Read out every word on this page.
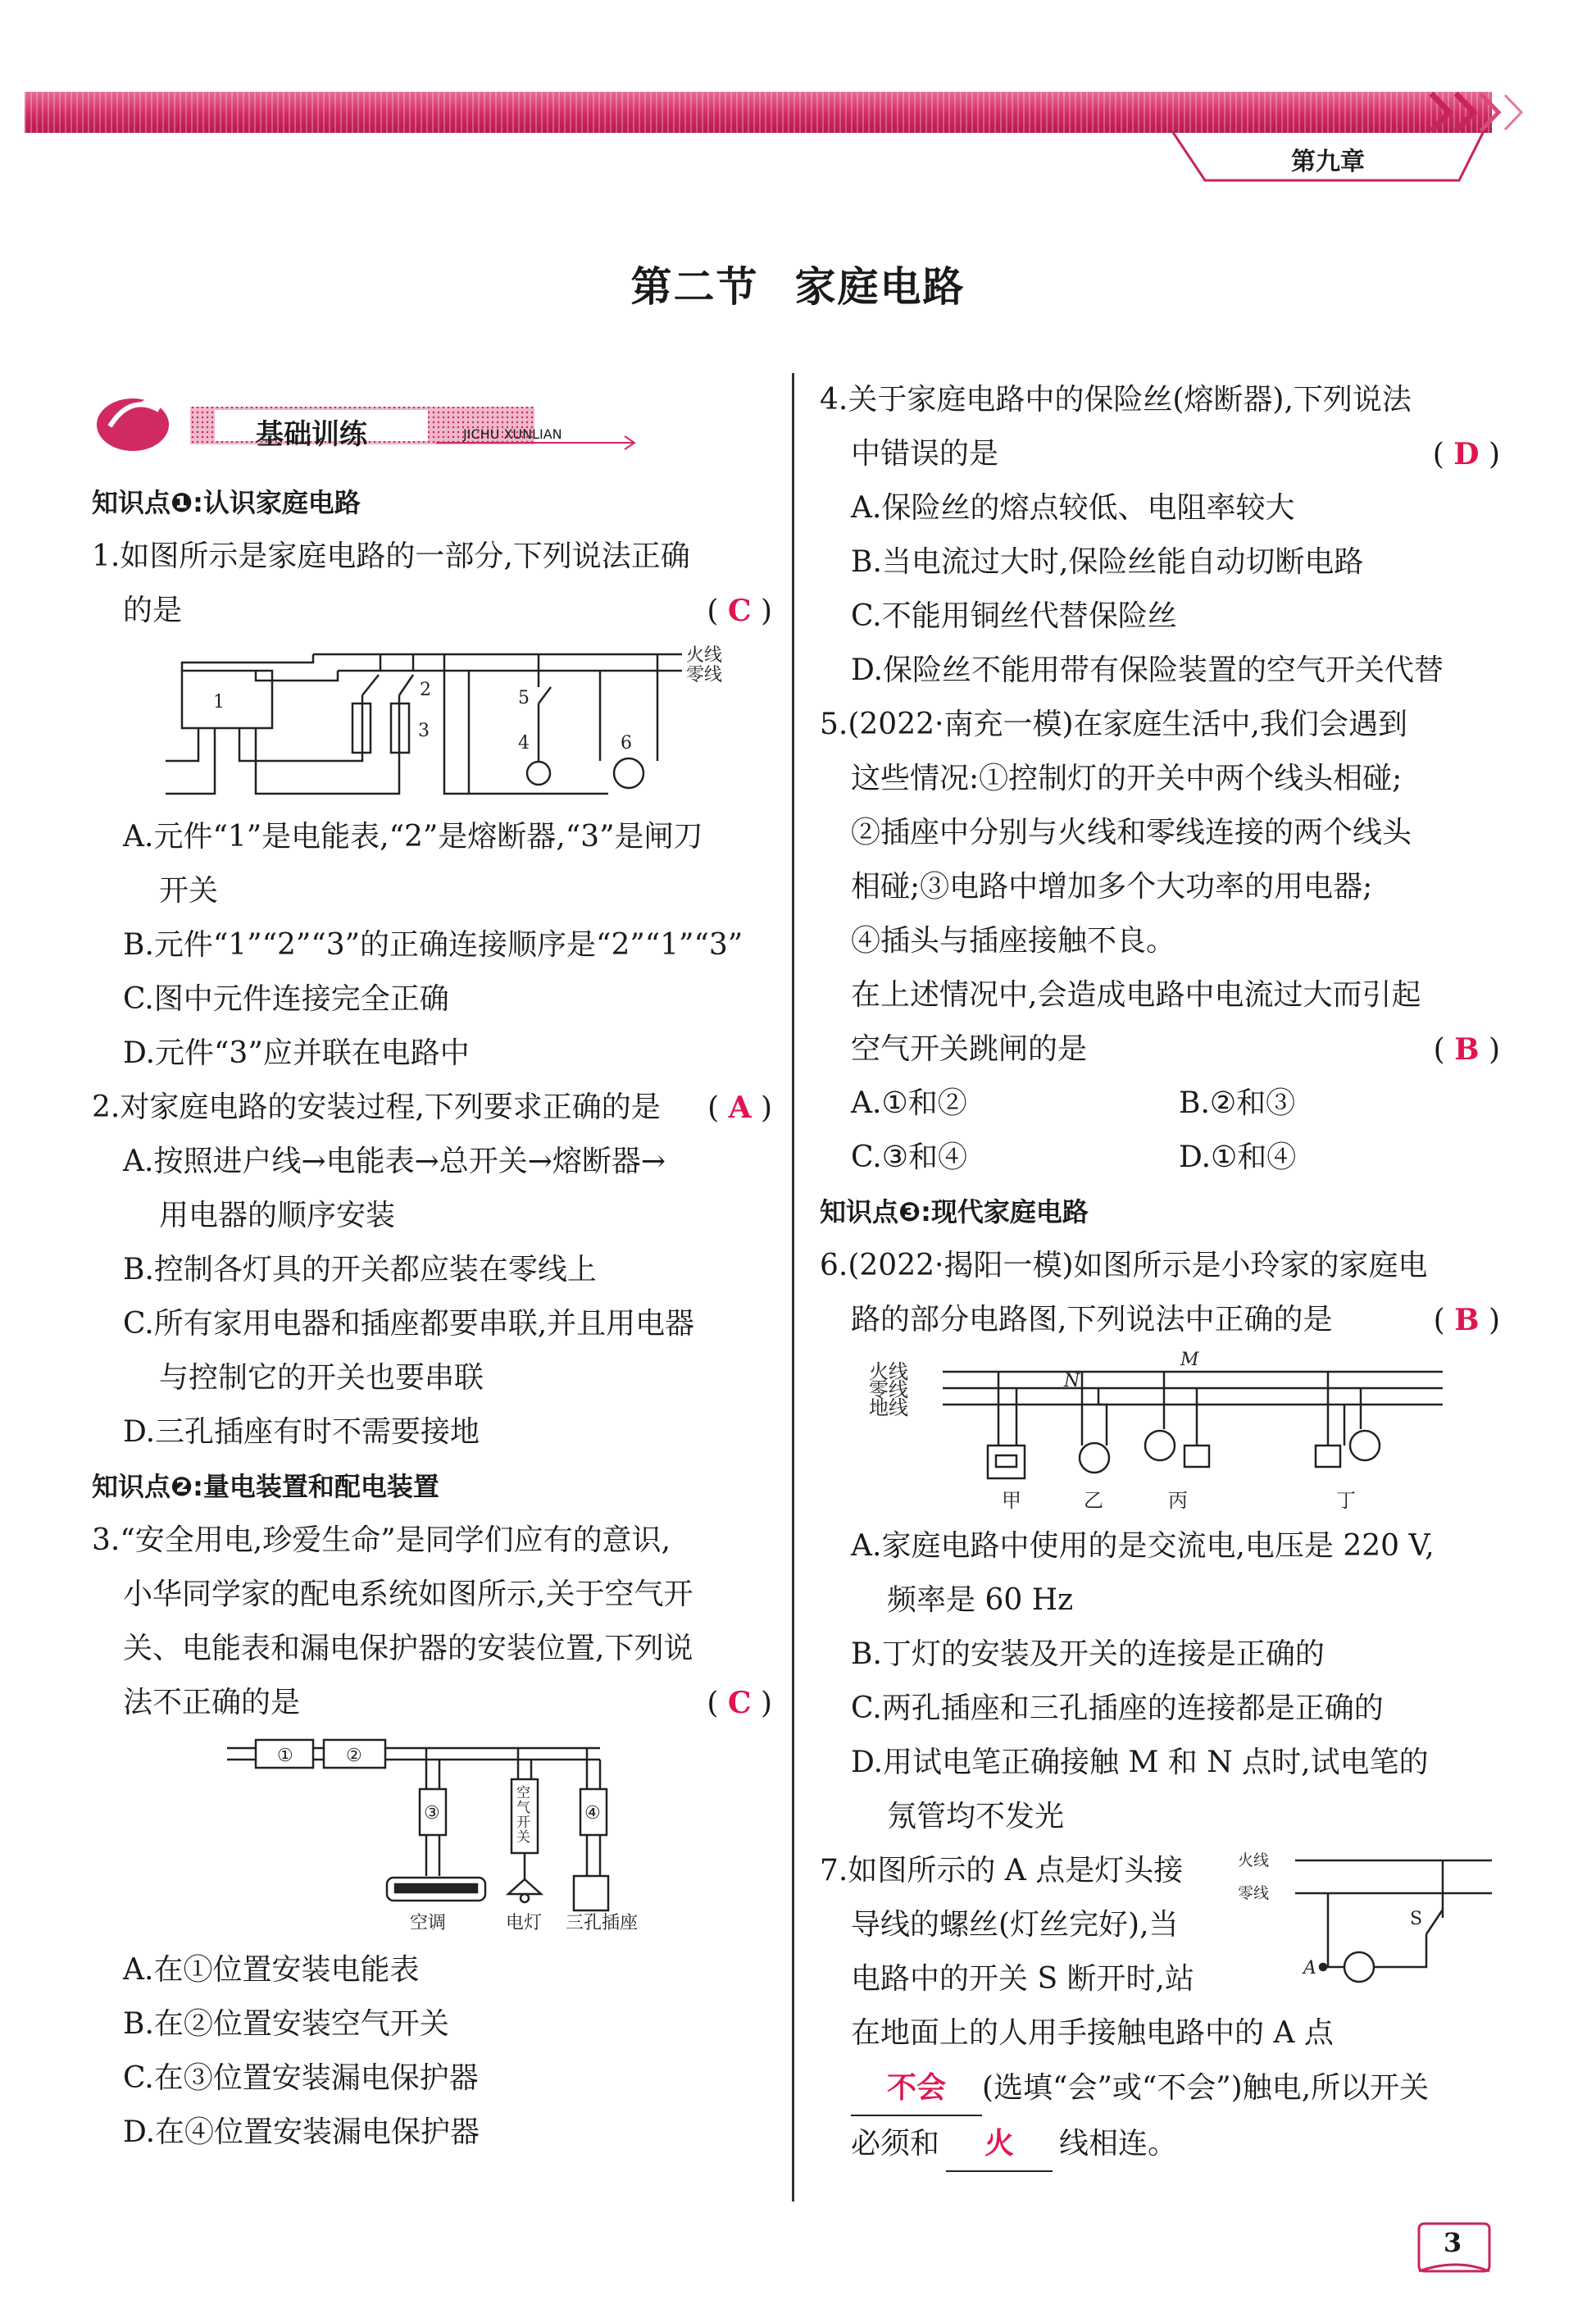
第九章
第二节 家庭电路
基础训练	JICHU XUNLIAN
知识点❶:认识家庭电路
1.如图所示是家庭电路的一部分,下列说法正确
的是	( C )
1
2
3
4
5
6
火线
零线
A.元件“1”是电能表,“2”是熔断器,“3”是闸刀
开关
B.元件“1”“2”“3”的正确连接顺序是“2”“1”“3”
C.图中元件连接完全正确
D.元件“3”应并联在电路中
2.对家庭电路的安装过程,下列要求正确的是 ( A )
A.按照进户线→电能表→总开关→熔断器→
用电器的顺序安装
B.控制各灯具的开关都应装在零线上
C.所有家用电器和插座都要串联,并且用电器
与控制它的开关也要串联
D.三孔插座有时不需要接地
知识点❷:量电装置和配电装置
3.“安全用电,珍爱生命”是同学们应有的意识,
小华同学家的配电系统如图所示,关于空气开
关、电能表和漏电保护器的安装位置,下列说
法不正确的是	( C )
①	②
③	④
空
气
开
关
空调	电灯 三孔插座
A.在①位置安装电能表
B.在②位置安装空气开关
C.在③位置安装漏电保护器
D.在④位置安装漏电保护器
4.关于家庭电路中的保险丝(熔断器),下列说法
中错误的是	( D )
A.保险丝的熔点较低、电阻率较大
B.当电流过大时,保险丝能自动切断电路
C.不能用铜丝代替保险丝
D.保险丝不能用带有保险装置的空气开关代替
5.(2022·南充一模)在家庭生活中,我们会遇到
这些情况:①控制灯的开关中两个线头相碰;
②插座中分别与火线和零线连接的两个线头
相碰;③电路中增加多个大功率的用电器;
④插头与插座接触不良。
在上述情况中,会造成电路中电流过大而引起
空气开关跳闸的是	( B )
A.①和②	B.②和③
C.③和④	D.①和④
知识点❸:现代家庭电路
6.(2022·揭阳一模)如图所示是小玲家的家庭电
路的部分电路图,下列说法中正确的是	( B )
火线
零线
地线
N
M
甲	乙	丙	丁
A.家庭电路中使用的是交流电,电压是 220 V,
频率是 60 Hz
B.丁灯的安装及开关的连接是正确的
C.两孔插座和三孔插座的连接都是正确的
D.用试电笔正确接触 M 和 N 点时,试电笔的
氖管均不发光
7.如图所示的 A 点是灯头接
导线的螺丝(灯丝完好),当
电路中的开关 S 断开时,站
火线
零线
S
A
在地面上的人用手接触电路中的 A 点
不会 (选填“会”或“不会”)触电,所以开关
必须和 火 线相连。
3
